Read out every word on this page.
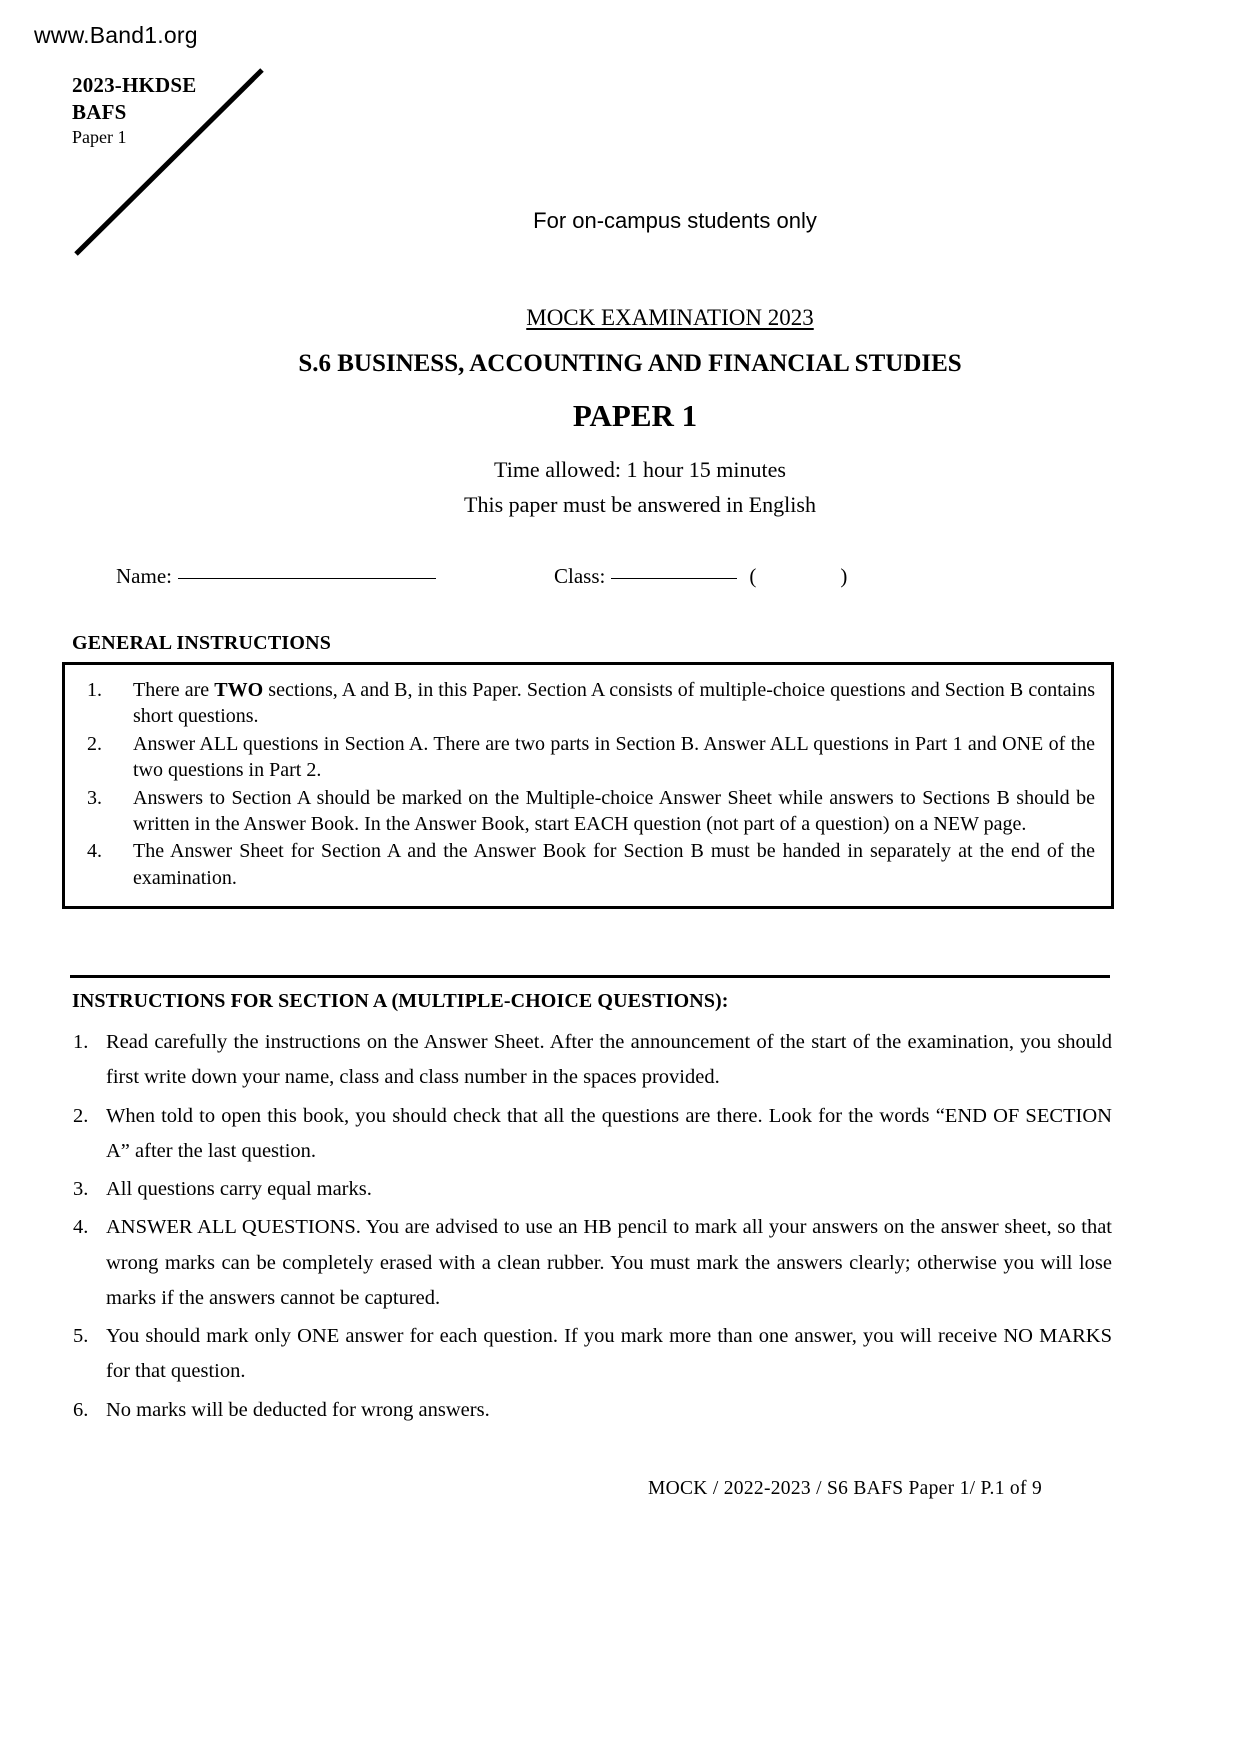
www.Band1.org
2023-HKDSE
BAFS
Paper 1
For on-campus students only
MOCK EXAMINATION 2023
S.6 BUSINESS, ACCOUNTING AND FINANCIAL STUDIES
PAPER 1
Time allowed: 1 hour 15 minutes
This paper must be answered in English
Name:	Class:	(	)
GENERAL INSTRUCTIONS
1. There are TWO sections, A and B, in this Paper. Section A consists of multiple-choice questions and Section B contains short questions.
2. Answer ALL questions in Section A. There are two parts in Section B. Answer ALL questions in Part 1 and ONE of the two questions in Part 2.
3. Answers to Section A should be marked on the Multiple-choice Answer Sheet while answers to Sections B should be written in the Answer Book. In the Answer Book, start EACH question (not part of a question) on a NEW page.
4. The Answer Sheet for Section A and the Answer Book for Section B must be handed in separately at the end of the examination.
INSTRUCTIONS FOR SECTION A (MULTIPLE-CHOICE QUESTIONS):
1. Read carefully the instructions on the Answer Sheet. After the announcement of the start of the examination, you should first write down your name, class and class number in the spaces provided.
2. When told to open this book, you should check that all the questions are there. Look for the words “END OF SECTION A” after the last question.
3. All questions carry equal marks.
4. ANSWER ALL QUESTIONS. You are advised to use an HB pencil to mark all your answers on the answer sheet, so that wrong marks can be completely erased with a clean rubber. You must mark the answers clearly; otherwise you will lose marks if the answers cannot be captured.
5. You should mark only ONE answer for each question. If you mark more than one answer, you will receive NO MARKS for that question.
6. No marks will be deducted for wrong answers.
MOCK / 2022-2023 / S6 BAFS Paper 1/ P.1 of 9
